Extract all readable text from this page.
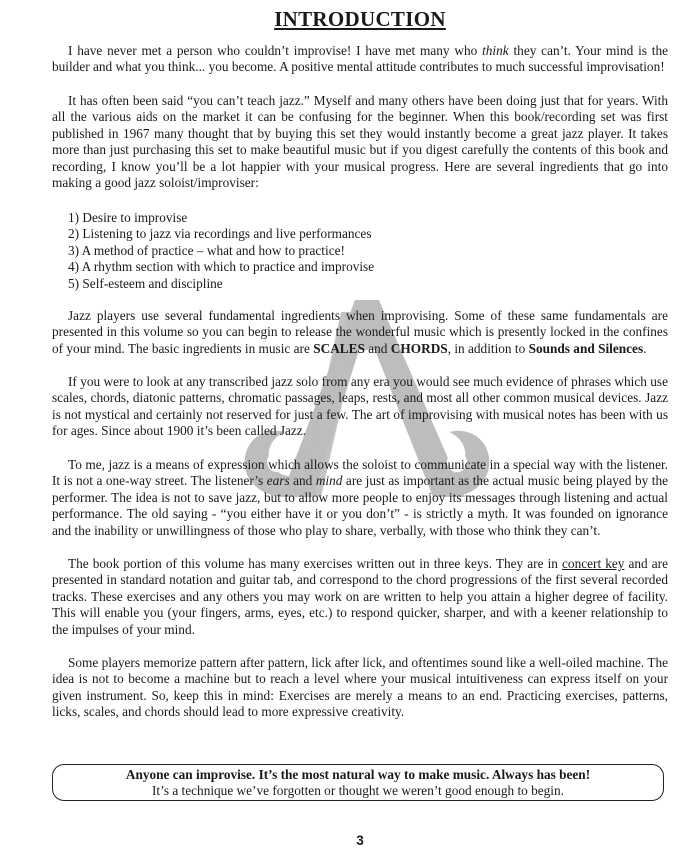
INTRODUCTION

I have never met a person who couldn’t improvise! I have met many who think they can’t. Your mind is the builder and what you think... you become. A positive mental attitude contributes to much successful improvisation!

It has often been said “you can’t teach jazz.” Myself and many others have been doing just that for years. With all the various aids on the market it can be confusing for the beginner. When this book/recording set was first published in 1967 many thought that by buying this set they would instantly become a great jazz player. It takes more than just purchasing this set to make beautiful music but if you digest carefully the contents of this book and recording, I know you’ll be a lot happier with your musical progress. Here are several ingredients that go into making a good jazz soloist/improviser:

1) Desire to improvise
2) Listening to jazz via recordings and live performances
3) A method of practice – what and how to practice!
4) A rhythm section with which to practice and improvise
5) Self-esteem and discipline

Jazz players use several fundamental ingredients when improvising. Some of these same fundamentals are presented in this volume so you can begin to release the wonderful music which is presently locked in the confines of your mind. The basic ingredients in music are SCALES and CHORDS, in addition to Sounds and Silences.

If you were to look at any transcribed jazz solo from any era you would see much evidence of phrases which use scales, chords, diatonic patterns, chromatic passages, leaps, rests, and most all other common musical devices. Jazz is not mystical and certainly not reserved for just a few. The art of improvising with musical notes has been with us for ages. Since about 1900 it’s been called Jazz.

To me, jazz is a means of expression which allows the soloist to communicate in a special way with the listener. It is not a one-way street. The listener’s ears and mind are just as important as the actual music being played by the performer. The idea is not to save jazz, but to allow more people to enjoy its messages through listening and actual performance. The old saying - “you either have it or you don’t” - is strictly a myth. It was founded on ignorance and the inability or unwillingness of those who play to share, verbally, with those who think they can’t.

The book portion of this volume has many exercises written out in three keys. They are in concert key and are presented in standard notation and guitar tab, and correspond to the chord progressions of the first several recorded tracks. These exercises and any others you may work on are written to help you attain a higher degree of facility. This will enable you (your fingers, arms, eyes, etc.) to respond quicker, sharper, and with a keener relationship to the impulses of your mind.

Some players memorize pattern after pattern, lick after lick, and oftentimes sound like a well-oiled machine. The idea is not to become a machine but to reach a level where your musical intuitiveness can express itself on your given instrument. So, keep this in mind: Exercises are merely a means to an end. Practicing exercises, patterns, licks, scales, and chords should lead to more expressive creativity.

Anyone can improvise. It’s the most natural way to make music. Always has been!
It’s a technique we’ve forgotten or thought we weren’t good enough to begin.
3
